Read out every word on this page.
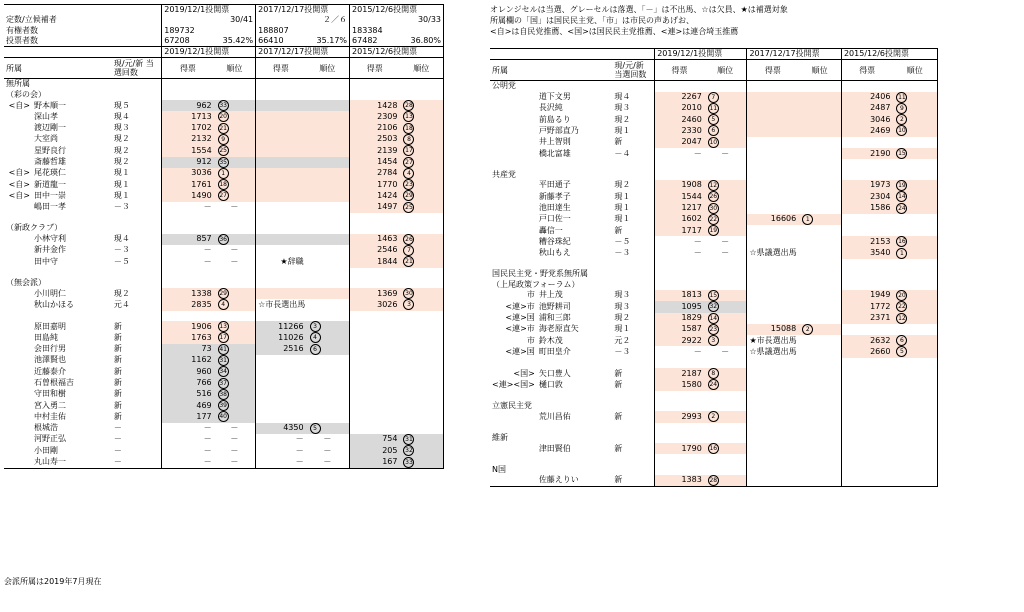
			2019/12/1投開票		2017/12/17投開票		2015/12/6投開票	
定数/立候補者				30/41		２／６		30/33
有権者数			189732		188807		183384	
投票者数			67208	35.42%	66410	35.17%	67482	36.80%
			2019/12/1投開票		2017/12/17投開票		2015/12/6投開票	
所属		現/元/新 当選回数	得票	順位	得票	順位	得票	順位
無所属								
（彩の会）								
<自>	野本順一	現５	962	33			1428	28
	深山孝	現４	1713	20			2309	13
	渡辺剛一	現３	1702	21			2106	18
	大室尚	現２	2132	9			2503	8
	星野良行	現２	1554	25			2139	17
	斎藤哲雄	現２	912	35			1454	27
<自>	尾花瑛仁	現１	3036	1			2784	4
<自>	新道龍一	現１	1761	18			1770	23
<自>	田中一崇	現１	1490	27			1424	29
	嶋田一孝	－３	－	－			1497	25

（新政クラブ）								
	小林守利	現４	857	36			1463	26
	新井金作	－３	－	－			2546	7
	田中守	－５	－	－	★辞職		1844	21

（無会派）								
	小川明仁	現２	1338	29			1369	30
	秋山かほる	元４	2835	4	☆市長選出馬		3026	3

	原田嘉明	新	1906	13	11266	3		
	田島純	新	1763	17	11026	4		
	会田行男	新	73	41	2516	6		
	池澤賢也	新	1162	31				
	近藤泰介	新	960	34				
	石曽根福吉	新	766	37				
	守田和樹	新	516	38				
	宮入勇二	新	469	39				
	中村圭佑	新	177	40				
	根城浩	－	－	－	4350	5		
	河野正弘	－	－	－	－	－	754	31
	小田剛	－	－	－	－	－	205	32
	丸山寿一	－	－	－	－	－	167	33
会派所属は2019年7月現在
オレンジセルは当選、グレーセルは落選、「－」は不出馬、☆は欠員、★は補選対象
所属欄の「国」は国民民主党、「市」は市民の声あげお、
<自>は自民党推薦、<国>は国民民主党推薦、<連>は連合埼玉推薦
			2019/12/1投開票		2017/12/17投開票		2015/12/6投開票	
所属		現/元/新 当選回数	得票	順位	得票	順位	得票	順位
公明党								
	道下文男	現４	2267	7			2406	11
	長沢純	現３	2010	11			2487	9
	前島るり	現２	2460	5			3046	2
	戸野部直乃	現１	2330	6			2469	10
	井上智則	新	2047	10				
	橋北富雄	－４	－	－			2190	15

共産党								
	平田通子	現２	1908	12			1973	19
	新藤孝子	現１	1544	26			2304	14
	池田達生	現１	1217	30			1586	24
	戸口佐一	現１	1602	22	16606	1		
	轟信一	新	1717	19				
	糟谷珠紀	－５	－	－			2153	16
	秋山もえ	－３	－	－	☆県議選出馬		3540	1

国民民主党・野党系無所属								
（上尾政策フォーラム）								
市	井上茂	現３	1813	15			1949	20
<連>市	池野耕司	現３	1095	32			1772	22
<連>国	浦和三郎	現２	1829	14			2371	12
<連>市	海老原直矢	現１	1587	23	15088	2		
市	鈴木茂	元２	2922	3	★市長選出馬		2632	6
<連>国	町田皇介	－３	－	－	☆県議選出馬		2660	5

<国>	矢口豊人	新	2187	8				
<連><国>	樋口敦	新	1580	24				

立憲民主党								
	荒川昌佑	新	2993	2				

維新								
	津田賢伯	新	1790	16				

N国								
	佐藤えりい	新	1383	28				
